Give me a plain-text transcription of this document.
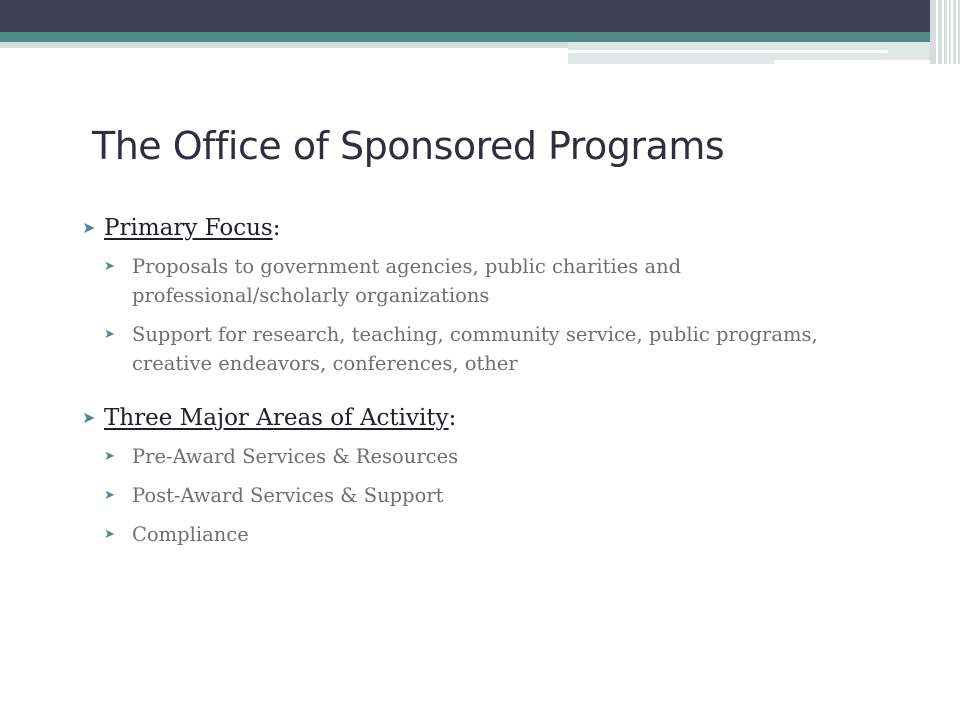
The Office of Sponsored Programs
➤ Primary Focus:
➤ Proposals to government agencies, public charities and professional/scholarly organizations
➤ Support for research, teaching, community service, public programs, creative endeavors, conferences, other
➤ Three Major Areas of Activity:
➤ Pre-Award Services & Resources
➤ Post-Award Services & Support
➤ Compliance
